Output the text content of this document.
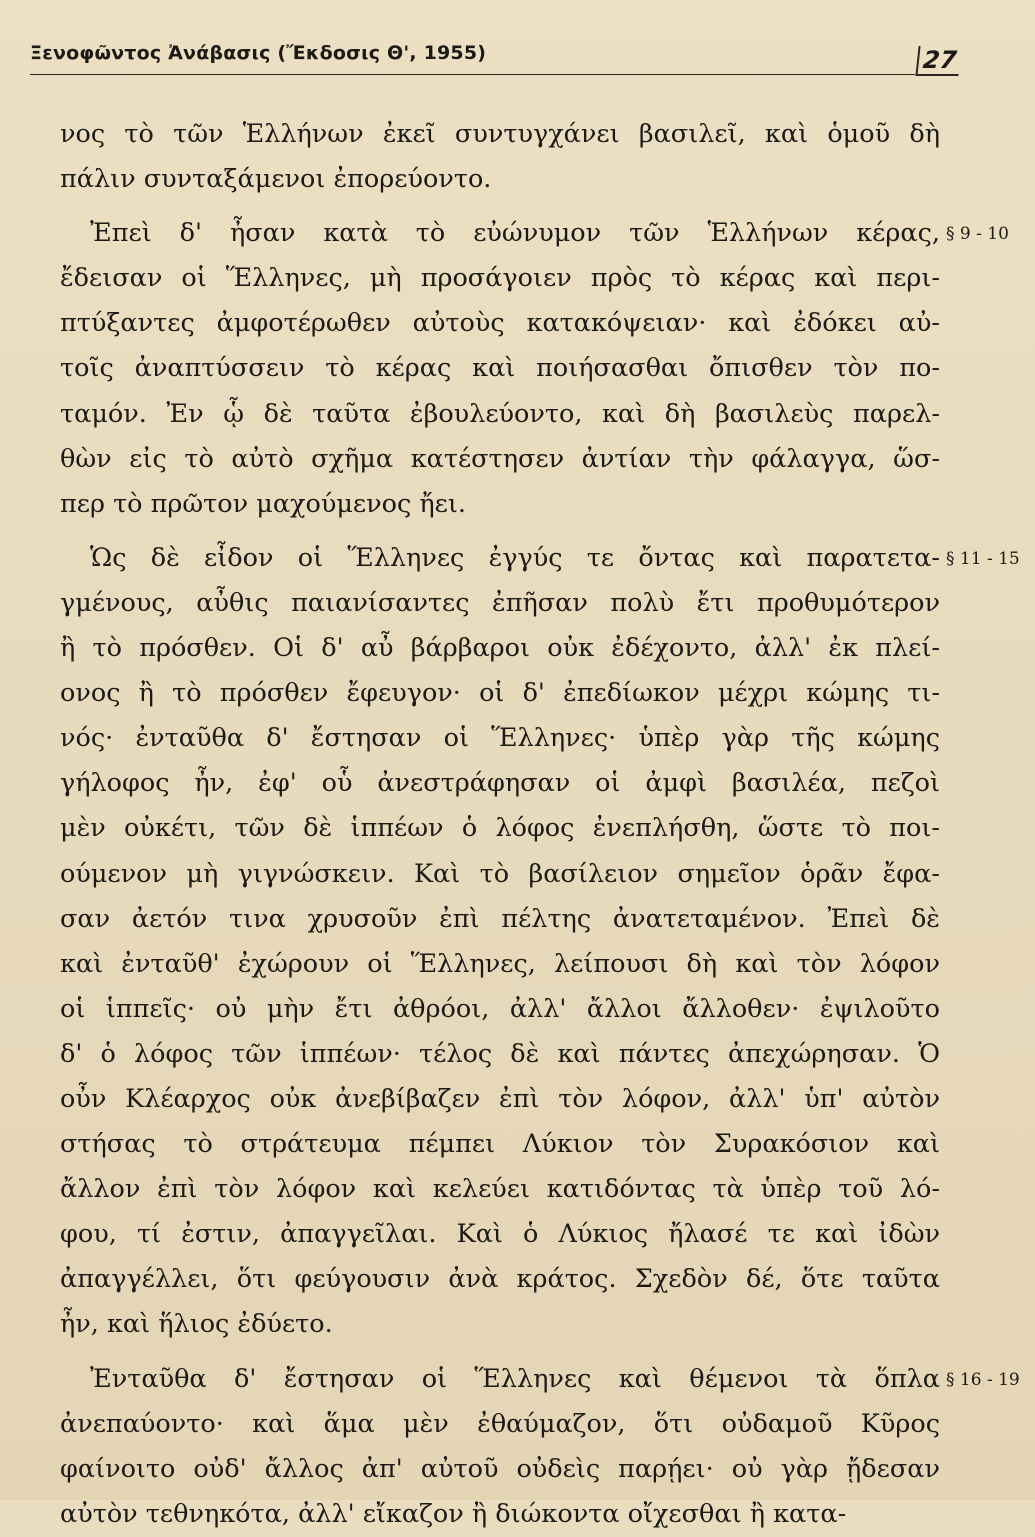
Ξενοφῶντος Ἀνάβασις (Ἔκδοσις Θ', 1955)	27
νος τὸ τῶν Ἑλλήνων ἐκεῖ συντυγχάνει βασιλεῖ, καὶ ὁμοῦ δὴ
πάλιν συνταξάμενοι ἐπορεύοντο.
Ἐπεὶ δ' ἦσαν κατὰ τὸ εὐώνυμον τῶν Ἑλλήνων κέρας,
ἔδεισαν οἱ Ἕλληνες, μὴ προσάγοιεν πρὸς τὸ κέρας καὶ περι-
πτύξαντες ἀμφοτέρωθεν αὐτοὺς κατακόψειαν· καὶ ἐδόκει αὐ-
τοῖς ἀναπτύσσειν τὸ κέρας καὶ ποιήσασθαι ὄπισθεν τὸν πο-
ταμόν. Ἐν ᾧ δὲ ταῦτα ἐβουλεύοντο, καὶ δὴ βασιλεὺς παρελ-
θὼν εἰς τὸ αὐτὸ σχῆμα κατέστησεν ἀντίαν τὴν φάλαγγα, ὥσ-
περ τὸ πρῶτον μαχούμενος ἤει.
Ὡς δὲ εἶδον οἱ Ἕλληνες ἐγγύς τε ὄντας καὶ παρατετα-
γμένους, αὖθις παιανίσαντες ἐπῆσαν πολὺ ἔτι προθυμότερον
ἢ τὸ πρόσθεν. Οἱ δ' αὖ βάρβαροι οὐκ ἐδέχοντο, ἀλλ' ἐκ πλεί-
ονος ἢ τὸ πρόσθεν ἔφευγον· οἱ δ' ἐπεδίωκον μέχρι κώμης τι-
νός· ἐνταῦθα δ' ἔστησαν οἱ Ἕλληνες· ὑπὲρ γὰρ τῆς κώμης
γήλοφος ἦν, ἐφ' οὗ ἀνεστράφησαν οἱ ἀμφὶ βασιλέα, πεζοὶ
μὲν οὐκέτι, τῶν δὲ ἱππέων ὁ λόφος ἐνεπλήσθη, ὥστε τὸ ποι-
ούμενον μὴ γιγνώσκειν. Καὶ τὸ βασίλειον σημεῖον ὁρᾶν ἔφα-
σαν ἀετόν τινα χρυσοῦν ἐπὶ πέλτης ἀνατεταμένον. Ἐπεὶ δὲ
καὶ ἐνταῦθ' ἐχώρουν οἱ Ἕλληνες, λείπουσι δὴ καὶ τὸν λόφον
οἱ ἱππεῖς· οὐ μὴν ἔτι ἀθρόοι, ἀλλ' ἄλλοι ἄλλοθεν· ἐψιλοῦτο
δ' ὁ λόφος τῶν ἱππέων· τέλος δὲ καὶ πάντες ἀπεχώρησαν. Ὁ
οὖν Κλέαρχος οὐκ ἀνεβίβαζεν ἐπὶ τὸν λόφον, ἀλλ' ὑπ' αὐτὸν
στήσας τὸ στράτευμα πέμπει Λύκιον τὸν Συρακόσιον καὶ
ἄλλον ἐπὶ τὸν λόφον καὶ κελεύει κατιδόντας τὰ ὑπὲρ τοῦ λό-
φου, τί ἐστιν, ἀπαγγεῖλαι. Καὶ ὁ Λύκιος ἤλασέ τε καὶ ἰδὼν
ἀπαγγέλλει, ὅτι φεύγουσιν ἀνὰ κράτος. Σχεδὸν δέ, ὅτε ταῦτα
ἦν, καὶ ἥλιος ἐδύετο.
Ἐνταῦθα δ' ἔστησαν οἱ Ἕλληνες καὶ θέμενοι τὰ ὅπλα
ἀνεπαύοντο· καὶ ἅμα μὲν ἐθαύμαζον, ὅτι οὐδαμοῦ Κῦρος
φαίνοιτο οὐδ' ἄλλος ἀπ' αὐτοῦ οὐδεὶς παρῄει· οὐ γὰρ ᾔδεσαν
αὐτὸν τεθνηκότα, ἀλλ' εἴκαζον ἢ διώκοντα οἴχεσθαι ἢ κατα-
§ 9 - 10
§ 11 - 15
§ 16 - 19
